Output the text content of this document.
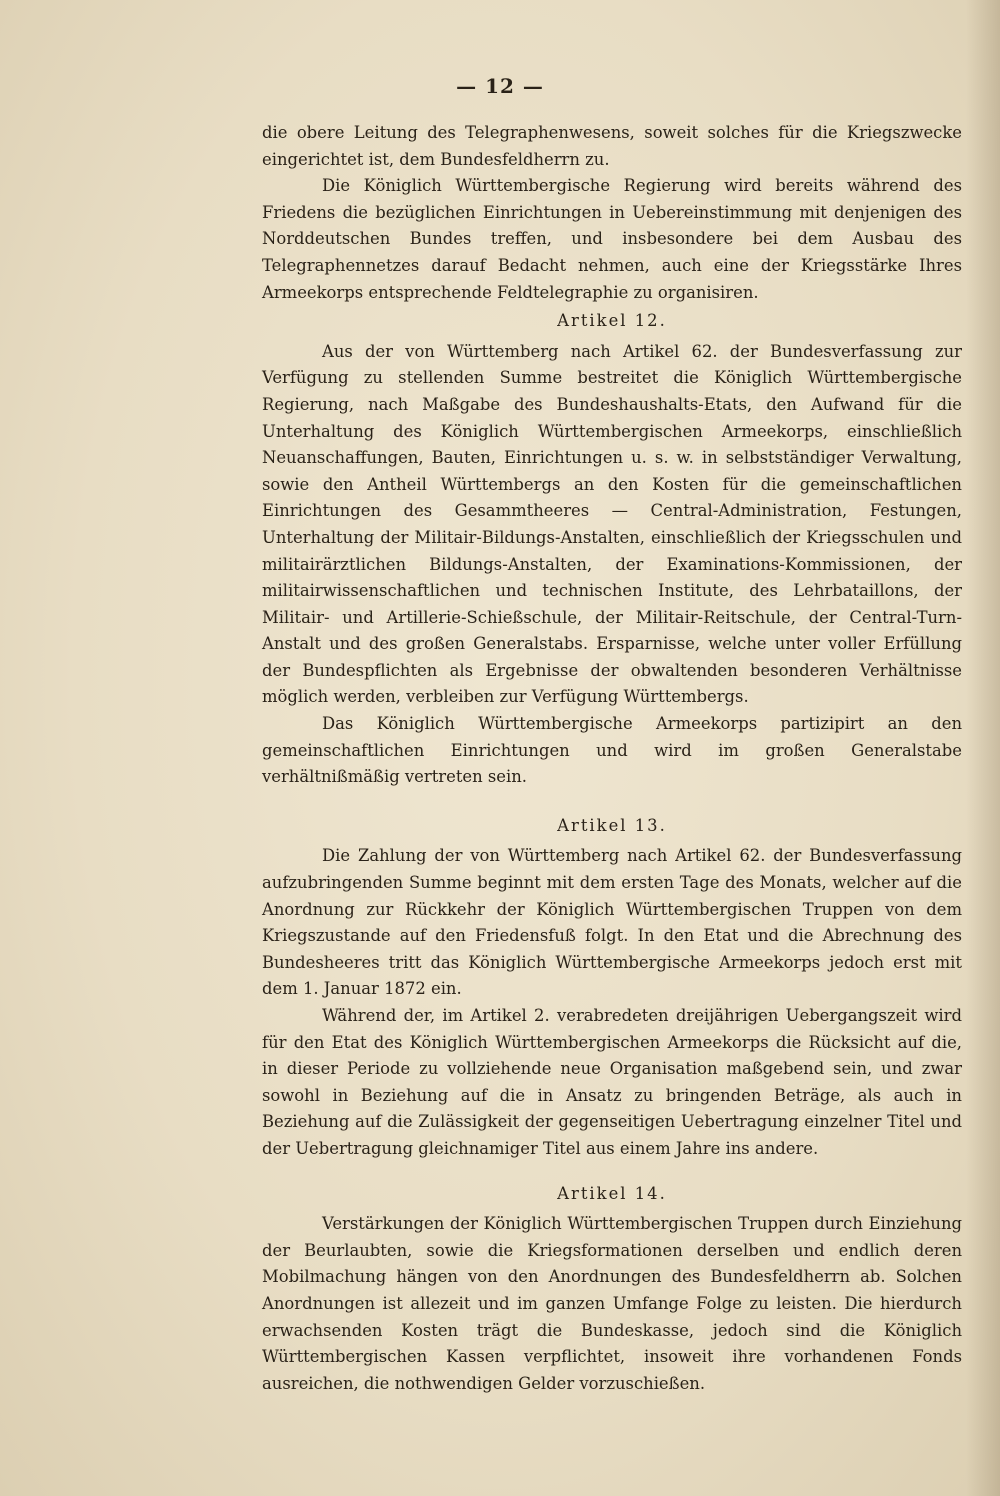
— 12 —

die obere Leitung des Telegraphenwesens, soweit solches für die Kriegszwecke eingerichtet ist, dem Bundesfeldherrn zu.

Die Königlich Württembergische Regierung wird bereits während des Friedens die bezüglichen Einrichtungen in Uebereinstimmung mit denjenigen des Norddeutschen Bundes treffen, und insbesondere bei dem Ausbau des Telegraphennetzes darauf Bedacht nehmen, auch eine der Kriegsstärke Ihres Armeekorps entsprechende Feldtelegraphie zu organisiren.

Artikel 12.

Aus der von Württemberg nach Artikel 62. der Bundesverfassung zur Verfügung zu stellenden Summe bestreitet die Königlich Württembergische Regierung, nach Maßgabe des Bundeshaushalts-Etats, den Aufwand für die Unterhaltung des Königlich Württembergischen Armeekorps, einschließlich Neuanschaffungen, Bauten, Einrichtungen u. s. w. in selbstständiger Verwaltung, sowie den Antheil Württembergs an den Kosten für die gemeinschaftlichen Einrichtungen des Gesammtheeres — Central-Administration, Festungen, Unterhaltung der Militair-Bildungs-Anstalten, einschließlich der Kriegsschulen und militairärztlichen Bildungs-Anstalten, der Examinations-Kommissionen, der militairwissenschaftlichen und technischen Institute, des Lehrbataillons, der Militair- und Artillerie-Schießschule, der Militair-Reitschule, der Central-Turn-Anstalt und des großen Generalstabs. Ersparnisse, welche unter voller Erfüllung der Bundespflichten als Ergebnisse der obwaltenden besonderen Verhältnisse möglich werden, verbleiben zur Verfügung Württembergs.

Das Königlich Württembergische Armeekorps partizipirt an den gemeinschaftlichen Einrichtungen und wird im großen Generalstabe verhältnißmäßig vertreten sein.

Artikel 13.

Die Zahlung der von Württemberg nach Artikel 62. der Bundesverfassung aufzubringenden Summe beginnt mit dem ersten Tage des Monats, welcher auf die Anordnung zur Rückkehr der Königlich Württembergischen Truppen von dem Kriegszustande auf den Friedensfuß folgt. In den Etat und die Abrechnung des Bundesheeres tritt das Königlich Württembergische Armeekorps jedoch erst mit dem 1. Januar 1872 ein.

Während der, im Artikel 2. verabredeten dreijährigen Uebergangszeit wird für den Etat des Königlich Württembergischen Armeekorps die Rücksicht auf die, in dieser Periode zu vollziehende neue Organisation maßgebend sein, und zwar sowohl in Beziehung auf die in Ansatz zu bringenden Beträge, als auch in Beziehung auf die Zulässigkeit der gegenseitigen Uebertragung einzelner Titel und der Uebertragung gleichnamiger Titel aus einem Jahre ins andere.

Artikel 14.

Verstärkungen der Königlich Württembergischen Truppen durch Einziehung der Beurlaubten, sowie die Kriegsformationen derselben und endlich deren Mobilmachung hängen von den Anordnungen des Bundesfeldherrn ab. Solchen Anordnungen ist allezeit und im ganzen Umfange Folge zu leisten. Die hierdurch erwachsenden Kosten trägt die Bundeskasse, jedoch sind die Königlich Württembergischen Kassen verpflichtet, insoweit ihre vorhandenen Fonds ausreichen, die nothwendigen Gelder vorzuschießen.
